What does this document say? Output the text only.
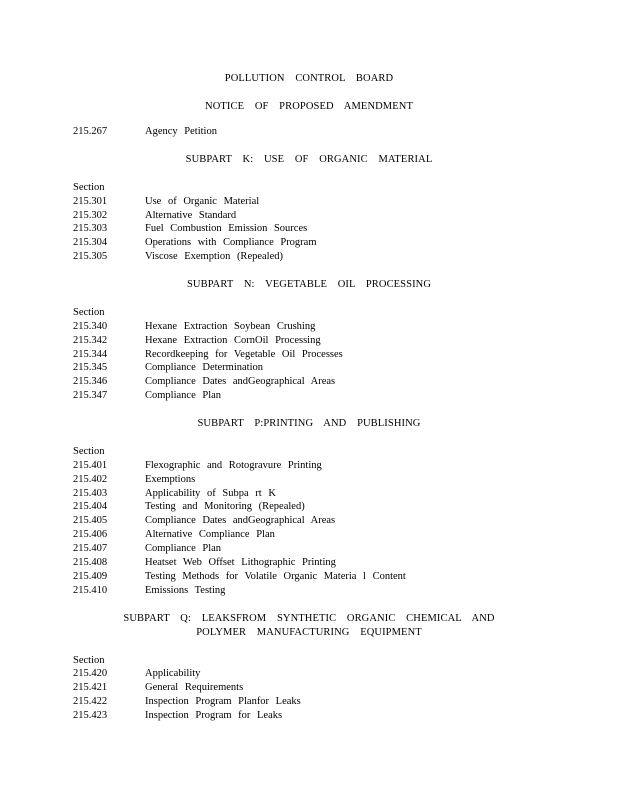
POLLUTION CONTROL BOARD
NOTICE OF PROPOSED AMENDMENT
215.267	Agency Petition
SUBPART K: USE OF ORGANIC MATERIAL
Section
215.301	Use of Organic Material
215.302	Alternative Standard
215.303	Fuel Combustion Emission Sources
215.304	Operations with Compliance Program
215.305	Viscose Exemption (Repealed)
SUBPART N: VEGETABLE OIL PROCESSING
Section
215.340	Hexane Extraction Soybean Crushing
215.342	Hexane Extraction CornOil Processing
215.344	Recordkeeping for Vegetable Oil Processes
215.345	Compliance Determination
215.346	Compliance Dates andGeographical Areas
215.347	Compliance Plan
SUBPART P:PRINTING AND PUBLISHING
Section
215.401	Flexographic and Rotogravure Printing
215.402	Exemptions
215.403	Applicability of Subpa rt K
215.404	Testing and Monitoring (Repealed)
215.405	Compliance Dates andGeographical Areas
215.406	Alternative Compliance Plan
215.407	Compliance Plan
215.408	Heatset Web Offset Lithographic Printing
215.409	Testing Methods for Volatile Organic Materia l Content
215.410	Emissions Testing
SUBPART Q: LEAKSFROM SYNTHETIC ORGANIC CHEMICAL AND
POLYMER MANUFACTURING EQUIPMENT
Section
215.420	Applicability
215.421	General Requirements
215.422	Inspection Program Planfor Leaks
215.423	Inspection Program for Leaks
